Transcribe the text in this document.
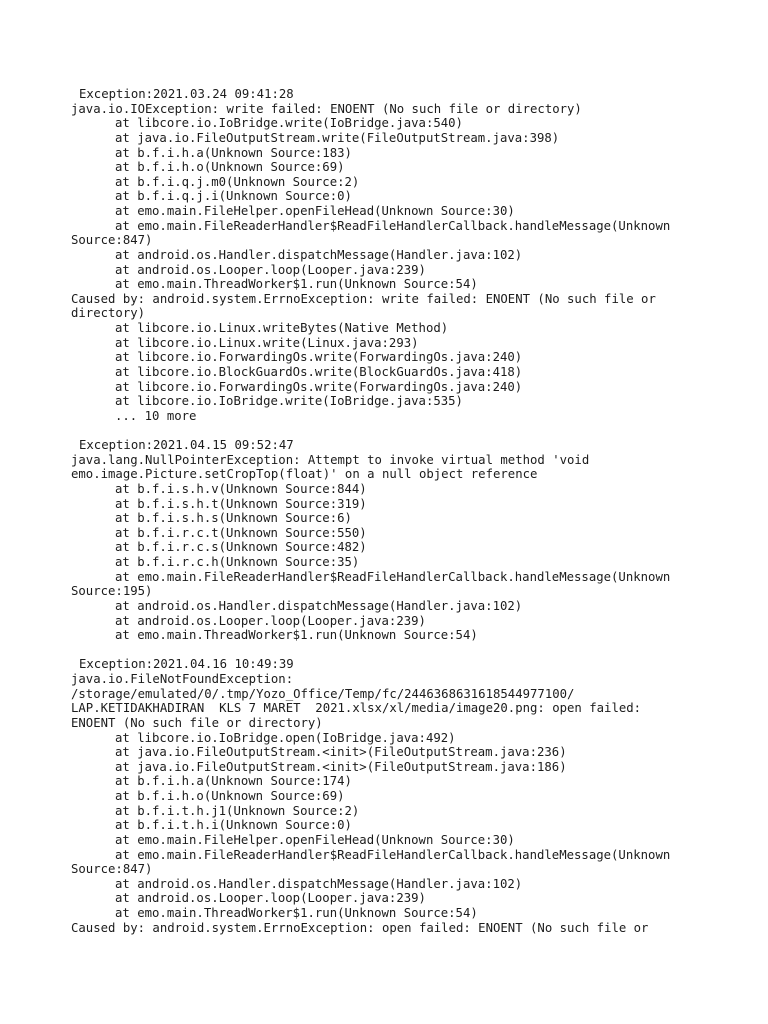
Exception:2021.03.24 09:41:28
java.io.IOException: write failed: ENOENT (No such file or directory)
at libcore.io.IoBridge.write(IoBridge.java:540)
at java.io.FileOutputStream.write(FileOutputStream.java:398)
at b.f.i.h.a(Unknown Source:183)
at b.f.i.h.o(Unknown Source:69)
at b.f.i.q.j.m0(Unknown Source:2)
at b.f.i.q.j.i(Unknown Source:0)
at emo.main.FileHelper.openFileHead(Unknown Source:30)
at emo.main.FileReaderHandler$ReadFileHandlerCallback.handleMessage(Unknown
Source:847)
at android.os.Handler.dispatchMessage(Handler.java:102)
at android.os.Looper.loop(Looper.java:239)
at emo.main.ThreadWorker$1.run(Unknown Source:54)
Caused by: android.system.ErrnoException: write failed: ENOENT (No such file or
directory)
at libcore.io.Linux.writeBytes(Native Method)
at libcore.io.Linux.write(Linux.java:293)
at libcore.io.ForwardingOs.write(ForwardingOs.java:240)
at libcore.io.BlockGuardOs.write(BlockGuardOs.java:418)
at libcore.io.ForwardingOs.write(ForwardingOs.java:240)
at libcore.io.IoBridge.write(IoBridge.java:535)
... 10 more
Exception:2021.04.15 09:52:47
java.lang.NullPointerException: Attempt to invoke virtual method 'void
emo.image.Picture.setCropTop(float)' on a null object reference
at b.f.i.s.h.v(Unknown Source:844)
at b.f.i.s.h.t(Unknown Source:319)
at b.f.i.s.h.s(Unknown Source:6)
at b.f.i.r.c.t(Unknown Source:550)
at b.f.i.r.c.s(Unknown Source:482)
at b.f.i.r.c.h(Unknown Source:35)
at emo.main.FileReaderHandler$ReadFileHandlerCallback.handleMessage(Unknown
Source:195)
at android.os.Handler.dispatchMessage(Handler.java:102)
at android.os.Looper.loop(Looper.java:239)
at emo.main.ThreadWorker$1.run(Unknown Source:54)
Exception:2021.04.16 10:49:39
java.io.FileNotFoundException:
/storage/emulated/0/.tmp/Yozo_Office/Temp/fc/2446368631618544977100/
LAP.KETIDAKHADIRAN  KLS 7 MARET  2021.xlsx/xl/media/image20.png: open failed:
ENOENT (No such file or directory)
at libcore.io.IoBridge.open(IoBridge.java:492)
at java.io.FileOutputStream.<init>(FileOutputStream.java:236)
at java.io.FileOutputStream.<init>(FileOutputStream.java:186)
at b.f.i.h.a(Unknown Source:174)
at b.f.i.h.o(Unknown Source:69)
at b.f.i.t.h.j1(Unknown Source:2)
at b.f.i.t.h.i(Unknown Source:0)
at emo.main.FileHelper.openFileHead(Unknown Source:30)
at emo.main.FileReaderHandler$ReadFileHandlerCallback.handleMessage(Unknown
Source:847)
at android.os.Handler.dispatchMessage(Handler.java:102)
at android.os.Looper.loop(Looper.java:239)
at emo.main.ThreadWorker$1.run(Unknown Source:54)
Caused by: android.system.ErrnoException: open failed: ENOENT (No such file or
